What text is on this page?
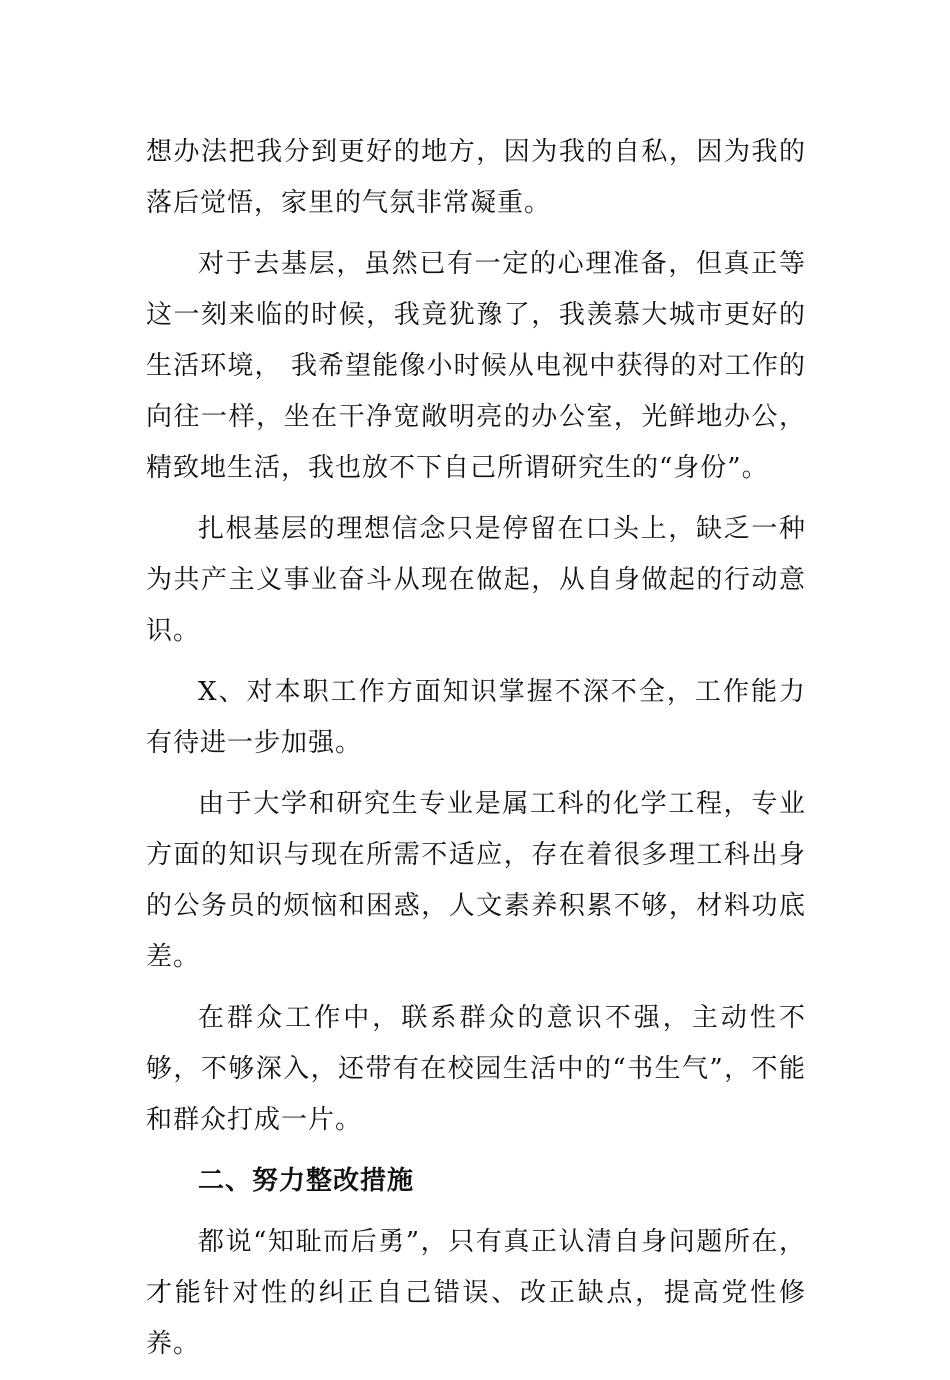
想办法把我分到更好的地方，因为我的自私，因为我的落后觉悟，家里的气氛非常凝重。

对于去基层，虽然已有一定的心理准备，但真正等这一刻来临的时候，我竟犹豫了，我羡慕大城市更好的生活环境， 我希望能像小时候从电视中获得的对工作的向往一样，坐在干净宽敞明亮的办公室，光鲜地办公，精致地生活，我也放不下自己所谓研究生的“身份”。

扎根基层的理想信念只是停留在口头上，缺乏一种为共产主义事业奋斗从现在做起，从自身做起的行动意识。

X、对本职工作方面知识掌握不深不全，工作能力有待进一步加强。

由于大学和研究生专业是属工科的化学工程，专业方面的知识与现在所需不适应，存在着很多理工科出身的公务员的烦恼和困惑，人文素养积累不够，材料功底差。

在群众工作中，联系群众的意识不强，主动性不够，不够深入，还带有在校园生活中的“书生气”，不能和群众打成一片。

二、努力整改措施

都说“知耻而后勇”，只有真正认清自身问题所在，才能针对性的纠正自己错误、改正缺点，提高党性修养。
